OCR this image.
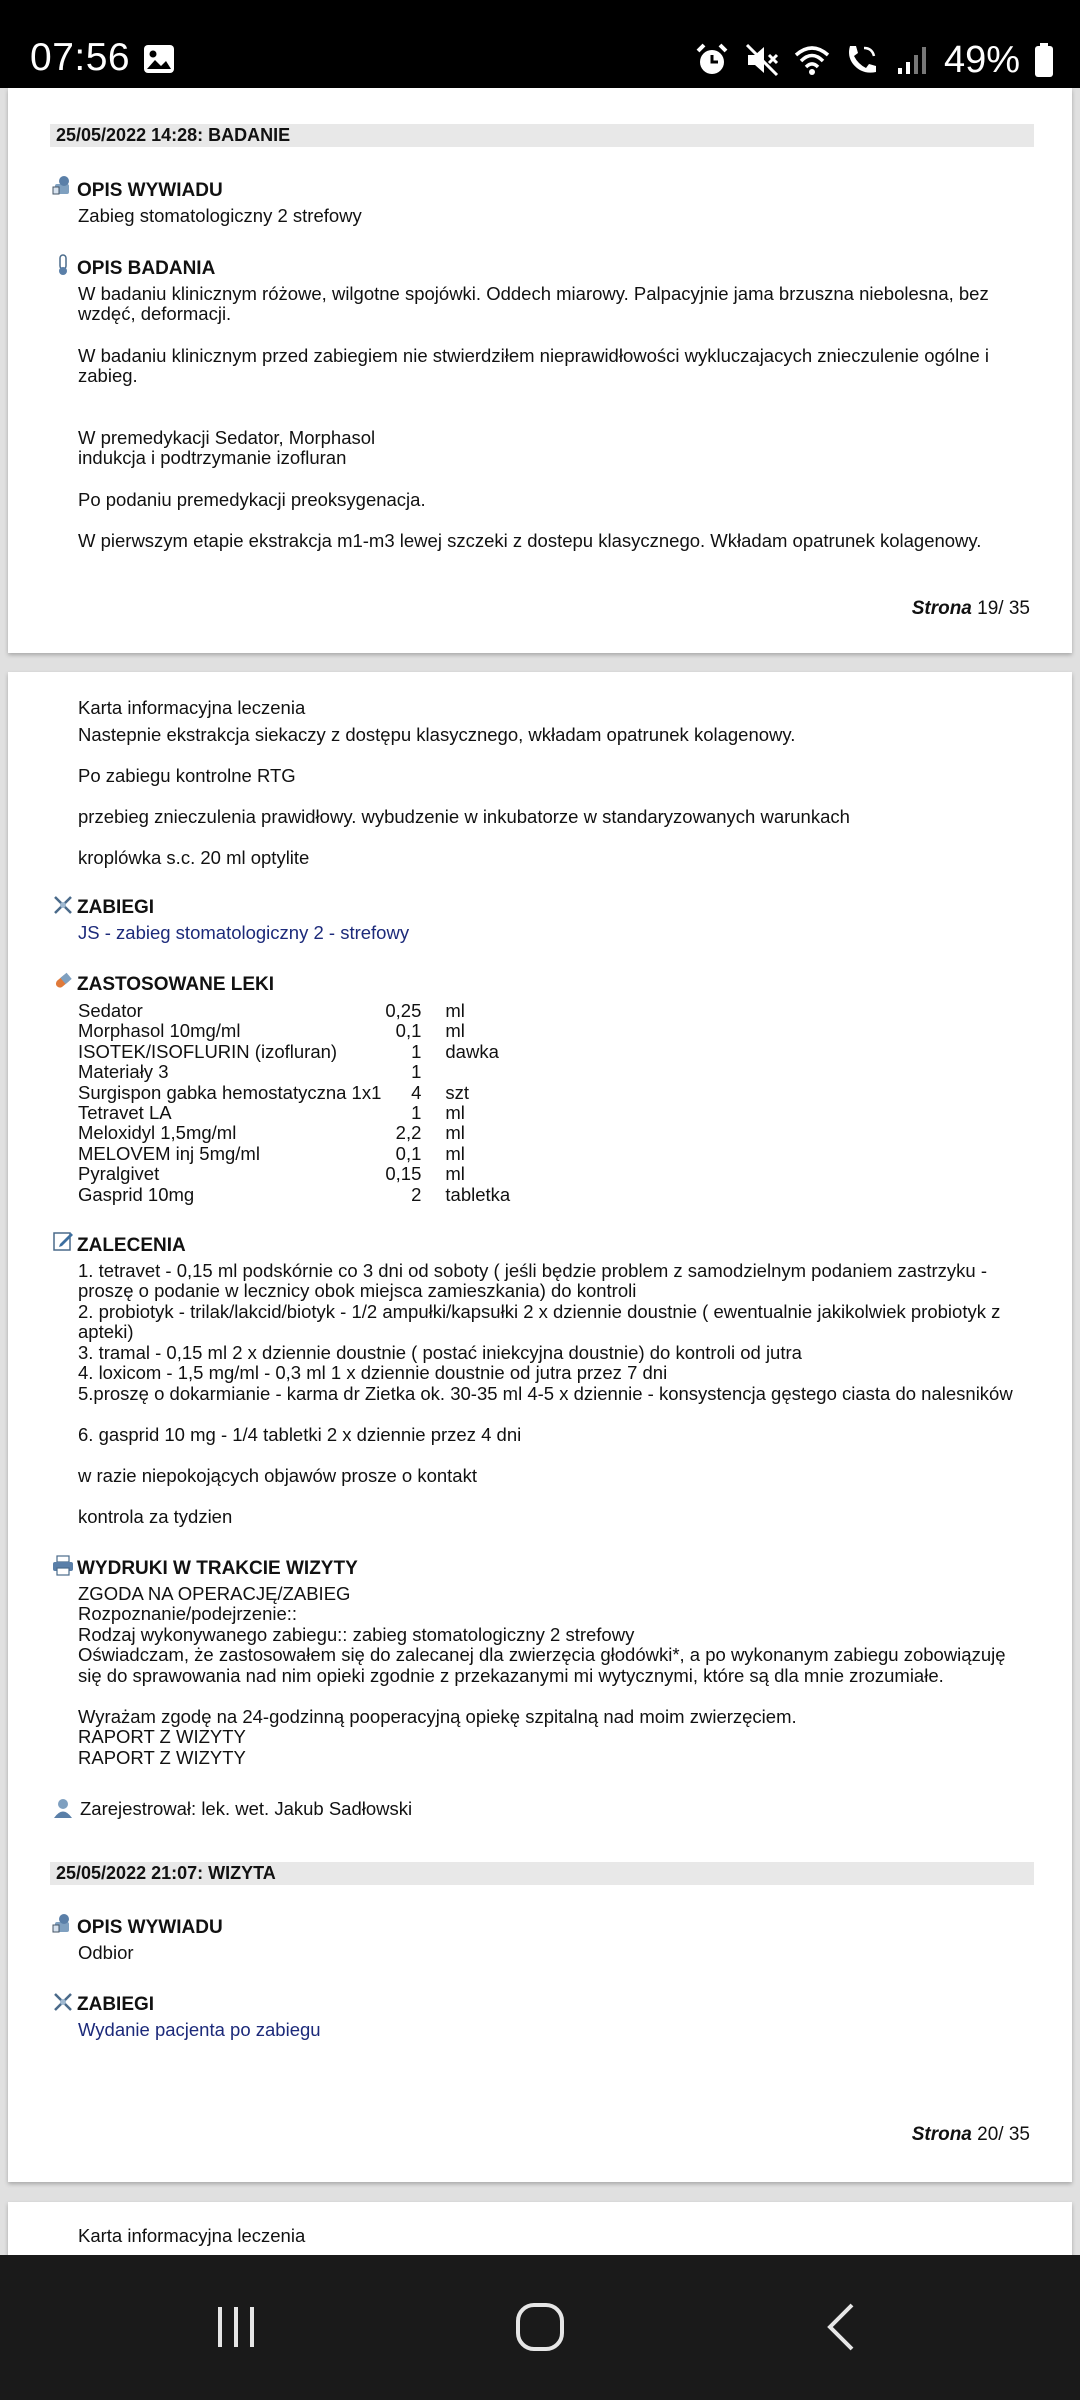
07:56	49%
25/05/2022 14:28: BADANIE
OPIS WYWIADU
Zabieg stomatologiczny 2 strefowy
OPIS BADANIA
W badaniu klinicznym różowe, wilgotne spojówki. Oddech miarowy. Palpacyjnie jama brzuszna niebolesna, bez
wzdęć, deformacji.
W badaniu klinicznym przed zabiegiem nie stwierdziłem nieprawidłowości wykluczajacych znieczulenie ogólne i
zabieg.
W premedykacji Sedator, Morphasol
indukcja i podtrzymanie izofluran
Po podaniu premedykacji preoksygenacja.
W pierwszym etapie ekstrakcja m1-m3 lewej szczeki z dostepu klasycznego. Wkładam opatrunek kolagenowy.
Strona 19/ 35
Karta informacyjna leczenia
Nastepnie ekstrakcja siekaczy z dostępu klasycznego, wkładam opatrunek kolagenowy.
Po zabiegu kontrolne RTG
przebieg znieczulenia prawidłowy. wybudzenie w inkubatorze w standaryzowanych warunkach
kroplówka s.c. 20 ml optylite
ZABIEGI
JS - zabieg stomatologiczny 2 - strefowy
ZASTOSOWANE LEKI
Sedator	0,25	ml
Morphasol 10mg/ml	0,1	ml
ISOTEK/ISOFLURIN (izofluran)	1	dawka
Materiały 3	1	
Surgispon gabka hemostatyczna 1x1	4	szt
Tetravet LA	1	ml
Meloxidyl 1,5mg/ml	2,2	ml
MELOVEM inj 5mg/ml	0,1	ml
Pyralgivet	0,15	ml
Gasprid 10mg	2	tabletka
ZALECENIA
1. tetravet - 0,15 ml podskórnie co 3 dni od soboty ( jeśli będzie problem z samodzielnym podaniem zastrzyku -
proszę o podanie w lecznicy obok miejsca zamieszkania) do kontroli
2. probiotyk - trilak/lakcid/biotyk - 1/2 ampułki/kapsułki 2 x dziennie doustnie ( ewentualnie jakikolwiek probiotyk z
apteki)
3. tramal - 0,15 ml 2 x dziennie doustnie ( postać iniekcyjna doustnie) do kontroli od jutra
4. loxicom - 1,5 mg/ml - 0,3 ml 1 x dziennie doustnie od jutra przez 7 dni
5.proszę o dokarmianie - karma dr Zietka ok. 30-35 ml 4-5 x dziennie - konsystencja gęstego ciasta do nalesników
6. gasprid 10 mg - 1/4 tabletki 2 x dziennie przez 4 dni
w razie niepokojących objawów prosze o kontakt
kontrola za tydzien
WYDRUKI W TRAKCIE WIZYTY
ZGODA NA OPERACJĘ/ZABIEG
Rozpoznanie/podejrzenie::
Rodzaj wykonywanego zabiegu:: zabieg stomatologiczny 2 strefowy
Oświadczam, że zastosowałem się do zalecanej dla zwierzęcia głodówki*, a po wykonanym zabiegu zobowiązuję
się do sprawowania nad nim opieki zgodnie z przekazanymi mi wytycznymi, które są dla mnie zrozumiałe.
Wyrażam zgodę na 24-godzinną pooperacyjną opiekę szpitalną nad moim zwierzęciem.
RAPORT Z WIZYTY
RAPORT Z WIZYTY
Zarejestrował: lek. wet. Jakub Sadłowski
25/05/2022 21:07: WIZYTA
OPIS WYWIADU
Odbior
ZABIEGI
Wydanie pacjenta po zabiegu
Strona 20/ 35
Karta informacyjna leczenia
